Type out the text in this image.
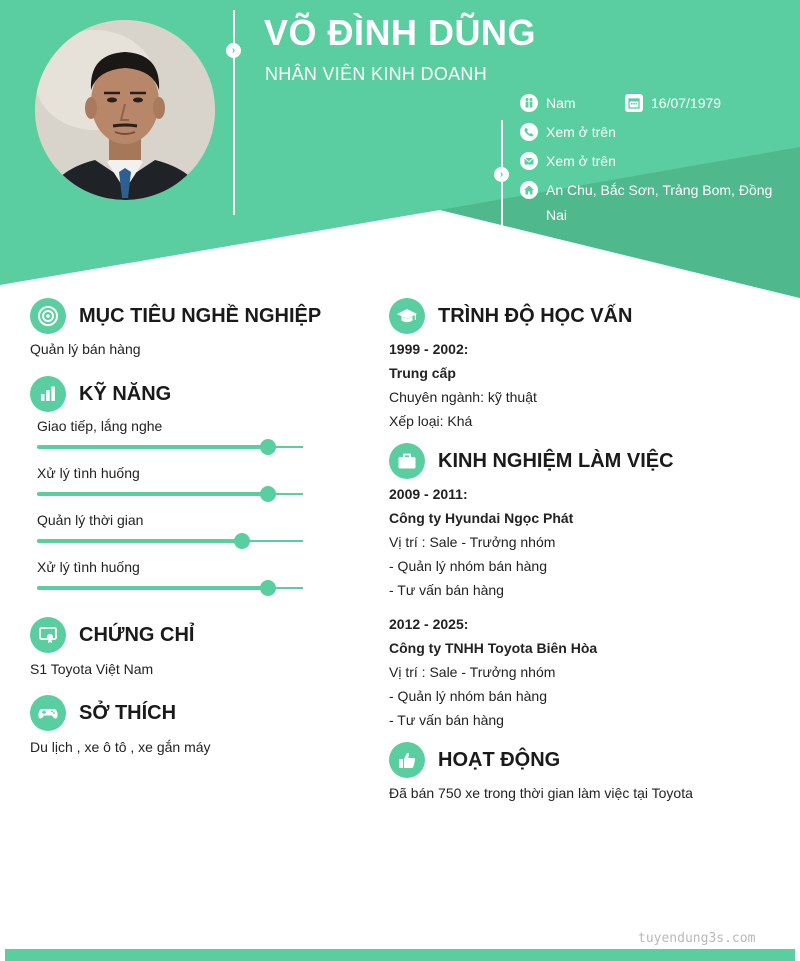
› VÕ ĐÌNH DŨNG
NHÂN VIÊN KINH DOANH
›
Nam	16/07/1979
Xem ở trên
Xem ở trên
An Chu, Bắc Sơn, Trảng Bom, Đồng
Nai
MỤC TIÊU NGHỀ NGHIỆP
Quản lý bán hàng
KỸ NĂNG
Giao tiếp, lắng nghe
Xử lý tình huống
Quản lý thời gian
Xử lý tình huống
CHỨNG CHỈ
S1 Toyota Việt Nam
SỞ THÍCH
Du lịch , xe ô tô , xe gắn máy
TRÌNH ĐỘ HỌC VẤN
1999 - 2002:
Trung cấp
Chuyên ngành: kỹ thuật
Xếp loại: Khá
KINH NGHIỆM LÀM VIỆC
2009 - 2011:
Công ty Hyundai Ngọc Phát
Vị trí : Sale - Trưởng nhóm
- Quản lý nhóm bán hàng
- Tư vấn bán hàng
2012 - 2025:
Công ty TNHH Toyota Biên Hòa
Vị trí : Sale - Trưởng nhóm
- Quản lý nhóm bán hàng
- Tư vấn bán hàng
HOẠT ĐỘNG
Đã bán 750 xe trong thời gian làm việc tại Toyota
tuyendung3s.com
